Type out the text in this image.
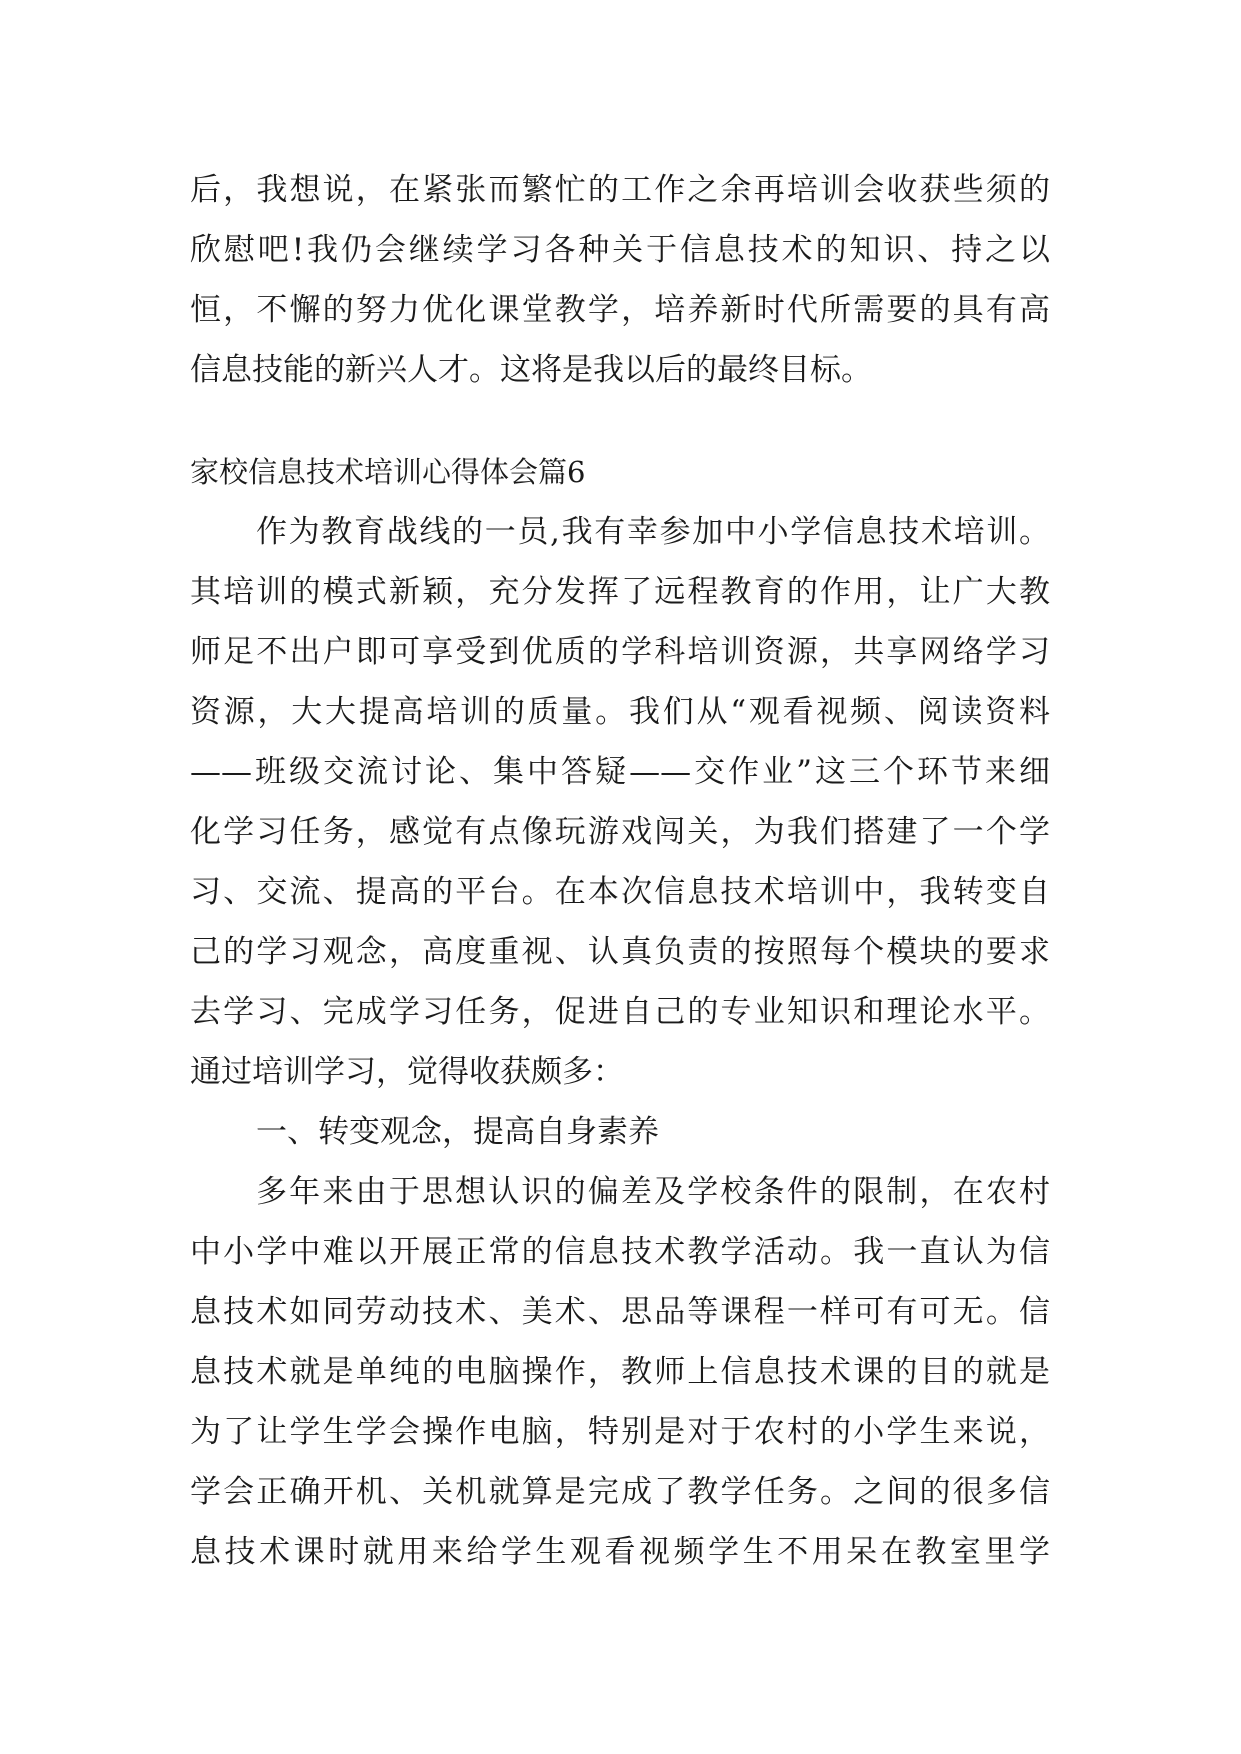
后，我想说，在紧张而繁忙的工作之余再培训会收获些须的
欣慰吧!我仍会继续学习各种关于信息技术的知识、持之以
恒，不懈的努力优化课堂教学，培养新时代所需要的具有高
信息技能的新兴人才。这将是我以后的最终目标。
家校信息技术培训心得体会篇6
作为教育战线的一员,我有幸参加中小学信息技术培训。
其培训的模式新颖，充分发挥了远程教育的作用，让广大教
师足不出户即可享受到优质的学科培训资源，共享网络学习
资源，大大提高培训的质量。我们从“观看视频、阅读资料
——班级交流讨论、集中答疑——交作业”这三个环节来细
化学习任务，感觉有点像玩游戏闯关，为我们搭建了一个学
习、交流、提高的平台。在本次信息技术培训中，我转变自
己的学习观念，高度重视、认真负责的按照每个模块的要求
去学习、完成学习任务，促进自己的专业知识和理论水平。
通过培训学习，觉得收获颇多：
一、转变观念，提高自身素养
多年来由于思想认识的偏差及学校条件的限制，在农村
中小学中难以开展正常的信息技术教学活动。我一直认为信
息技术如同劳动技术、美术、思品等课程一样可有可无。信
息技术就是单纯的电脑操作，教师上信息技术课的目的就是
为了让学生学会操作电脑，特别是对于农村的小学生来说，
学会正确开机、关机就算是完成了教学任务。之间的很多信
息技术课时就用来给学生观看视频学生不用呆在教室里学
